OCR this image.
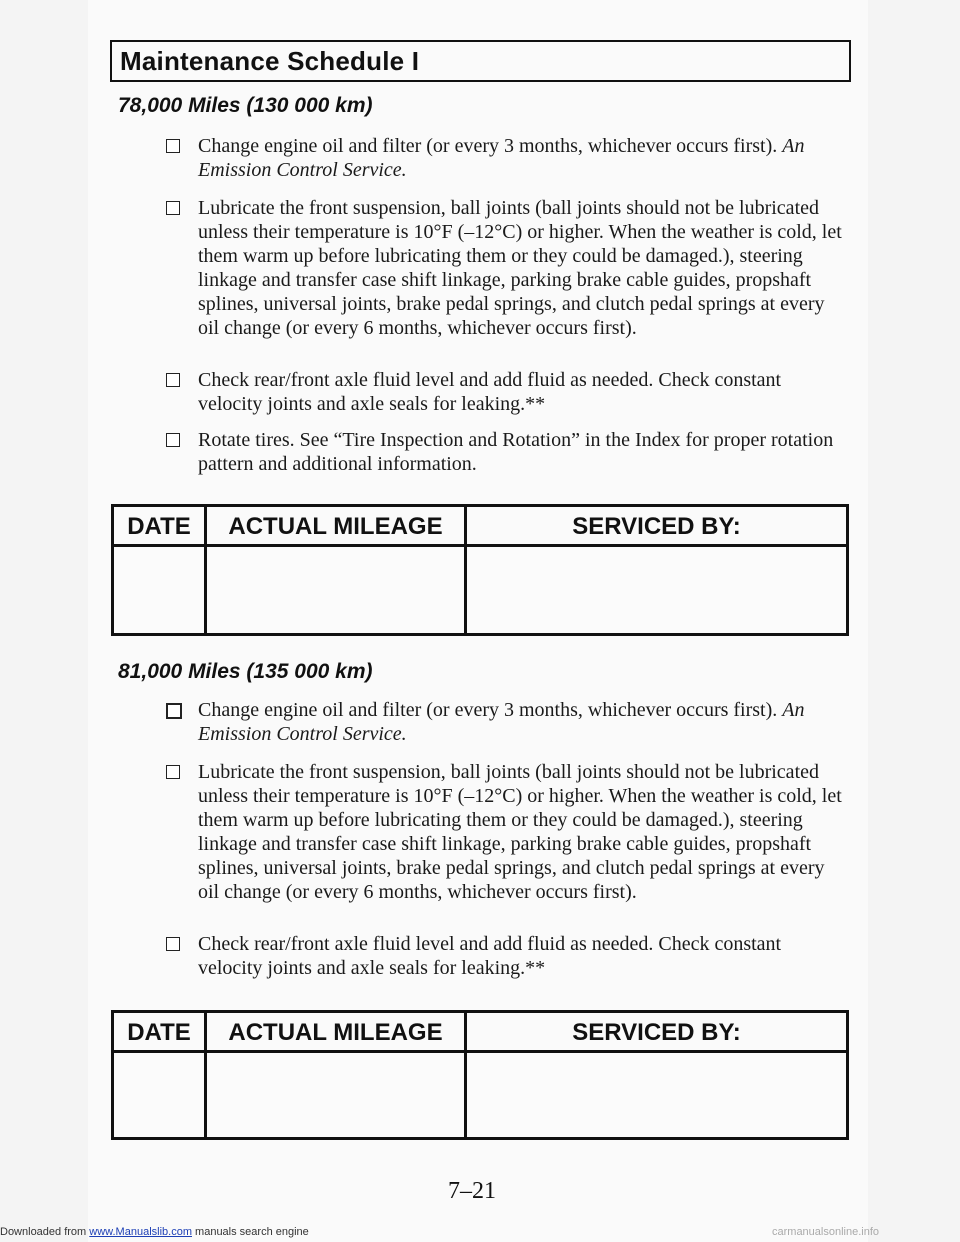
Maintenance Schedule I
78,000 Miles (130 000 km)
Change engine oil and filter (or every 3 months, whichever occurs first). An Emission Control Service.
Lubricate the front suspension, ball joints (ball joints should not be lubricated unless their temperature is 10°F (–12°C) or higher. When the weather is cold, let them warm up before lubricating them or they could be damaged.), steering linkage and transfer case shift linkage, parking brake cable guides, propshaft splines, universal joints, brake pedal springs, and clutch pedal springs at every oil change (or every 6 months, whichever occurs first).
Check rear/front axle fluid level and add fluid as needed. Check constant velocity joints and axle seals for leaking.**
Rotate tires. See “Tire Inspection and Rotation” in the Index for proper rotation pattern and additional information.
DATE	ACTUAL MILEAGE	SERVICED BY:
81,000 Miles (135 000 km)
Change engine oil and filter (or every 3 months, whichever occurs first). An Emission Control Service.
Lubricate the front suspension, ball joints (ball joints should not be lubricated unless their temperature is 10°F (–12°C) or higher. When the weather is cold, let them warm up before lubricating them or they could be damaged.), steering linkage and transfer case shift linkage, parking brake cable guides, propshaft splines, universal joints, brake pedal springs, and clutch pedal springs at every oil change (or every 6 months, whichever occurs first).
Check rear/front axle fluid level and add fluid as needed. Check constant velocity joints and axle seals for leaking.**
DATE	ACTUAL MILEAGE	SERVICED BY:
7–21
Downloaded from www.Manualslib.com manuals search engine	carmanualsonline.info
